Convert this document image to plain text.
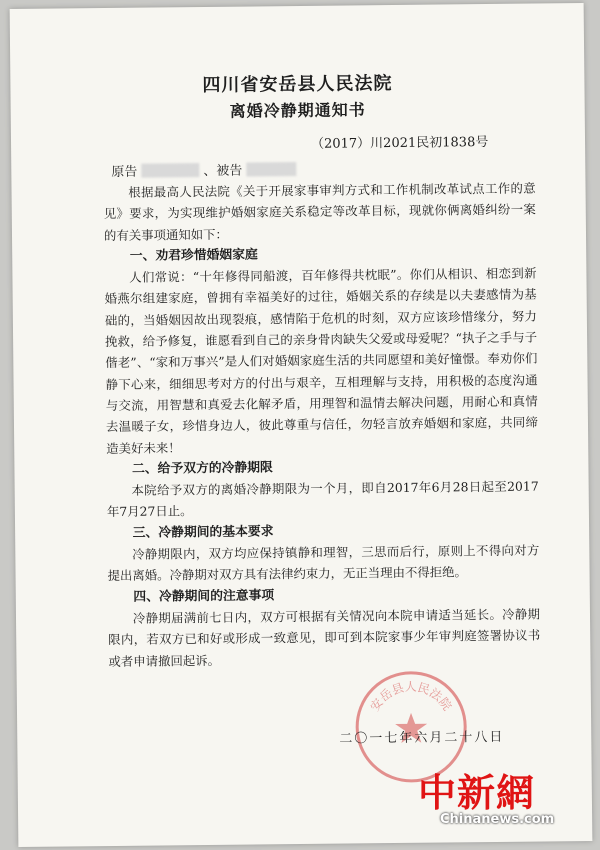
四川省安岳县人民法院
离婚冷静期通知书
（2017）川2021民初1838号
原告	、被告

根据最高人民法院《关于开展家事审判方式和工作机制改革试点工作的意见》要求，为实现维护婚姻家庭关系稳定等改革目标，现就你俩离婚纠纷一案的有关事项通知如下：

一、劝君珍惜婚姻家庭

人们常说：“十年修得同船渡，百年修得共枕眠”。你们从相识、相恋到新婚燕尔组建家庭，曾拥有幸福美好的过往，婚姻关系的存续是以夫妻感情为基础的，当婚姻因故出现裂痕，感情陷于危机的时刻，双方应该珍惜缘分，努力挽救，给予修复，谁愿看到自己的亲身骨肉缺失父爱或母爱呢？“执子之手与子偕老”、“家和万事兴”是人们对婚姻家庭生活的共同愿望和美好憧憬。奉劝你们静下心来，细细思考对方的付出与艰辛，互相理解与支持，用积极的态度沟通与交流，用智慧和真爱去化解矛盾，用理智和温情去解决问题，用耐心和真情去温暖子女，珍惜身边人，彼此尊重与信任，勿轻言放弃婚姻和家庭，共同缔造美好未来！

二、给予双方的冷静期限

本院给予双方的离婚冷静期限为一个月，即自2017年6月28日起至2017年7月27日止。

三、冷静期间的基本要求

冷静期限内，双方均应保持镇静和理智，三思而后行，原则上不得向对方提出离婚。冷静期对双方具有法律约束力，无正当理由不得拒绝。

四、冷静期间的注意事项

冷静期届满前七日内，双方可根据有关情况向本院申请适当延长。冷静期限内，若双方已和好或形成一致意见，即可到本院家事少年审判庭签署协议书或者申请撤回起诉。

安岳县人民法院
二〇一七年六月二十八日
中新網
Chinanews.com
